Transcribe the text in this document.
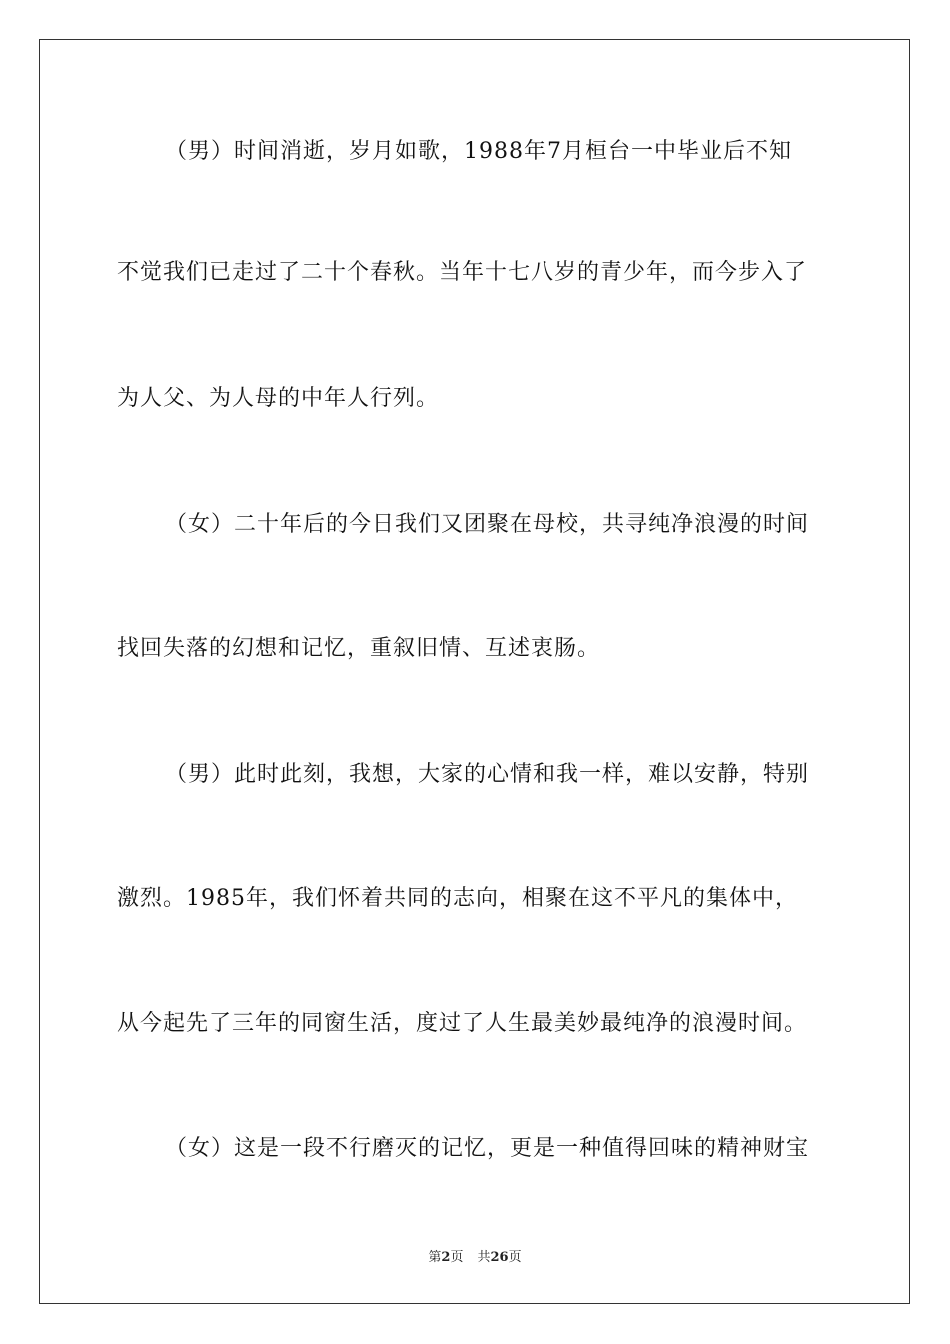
（男）时间消逝，岁月如歌，1988年7月桓台一中毕业后不知
不觉我们已走过了二十个春秋。当年十七八岁的青少年，而今步入了
为人父、为人母的中年人行列。
（女）二十年后的今日我们又团聚在母校，共寻纯净浪漫的时间
找回失落的幻想和记忆，重叙旧情、互述衷肠。
（男）此时此刻，我想，大家的心情和我一样，难以安静，特别
激烈。1985年，我们怀着共同的志向，相聚在这不平凡的集体中，
从今起先了三年的同窗生活，度过了人生最美妙最纯净的浪漫时间。
（女）这是一段不行磨灭的记忆，更是一种值得回味的精神财宝
第2页 共26页
